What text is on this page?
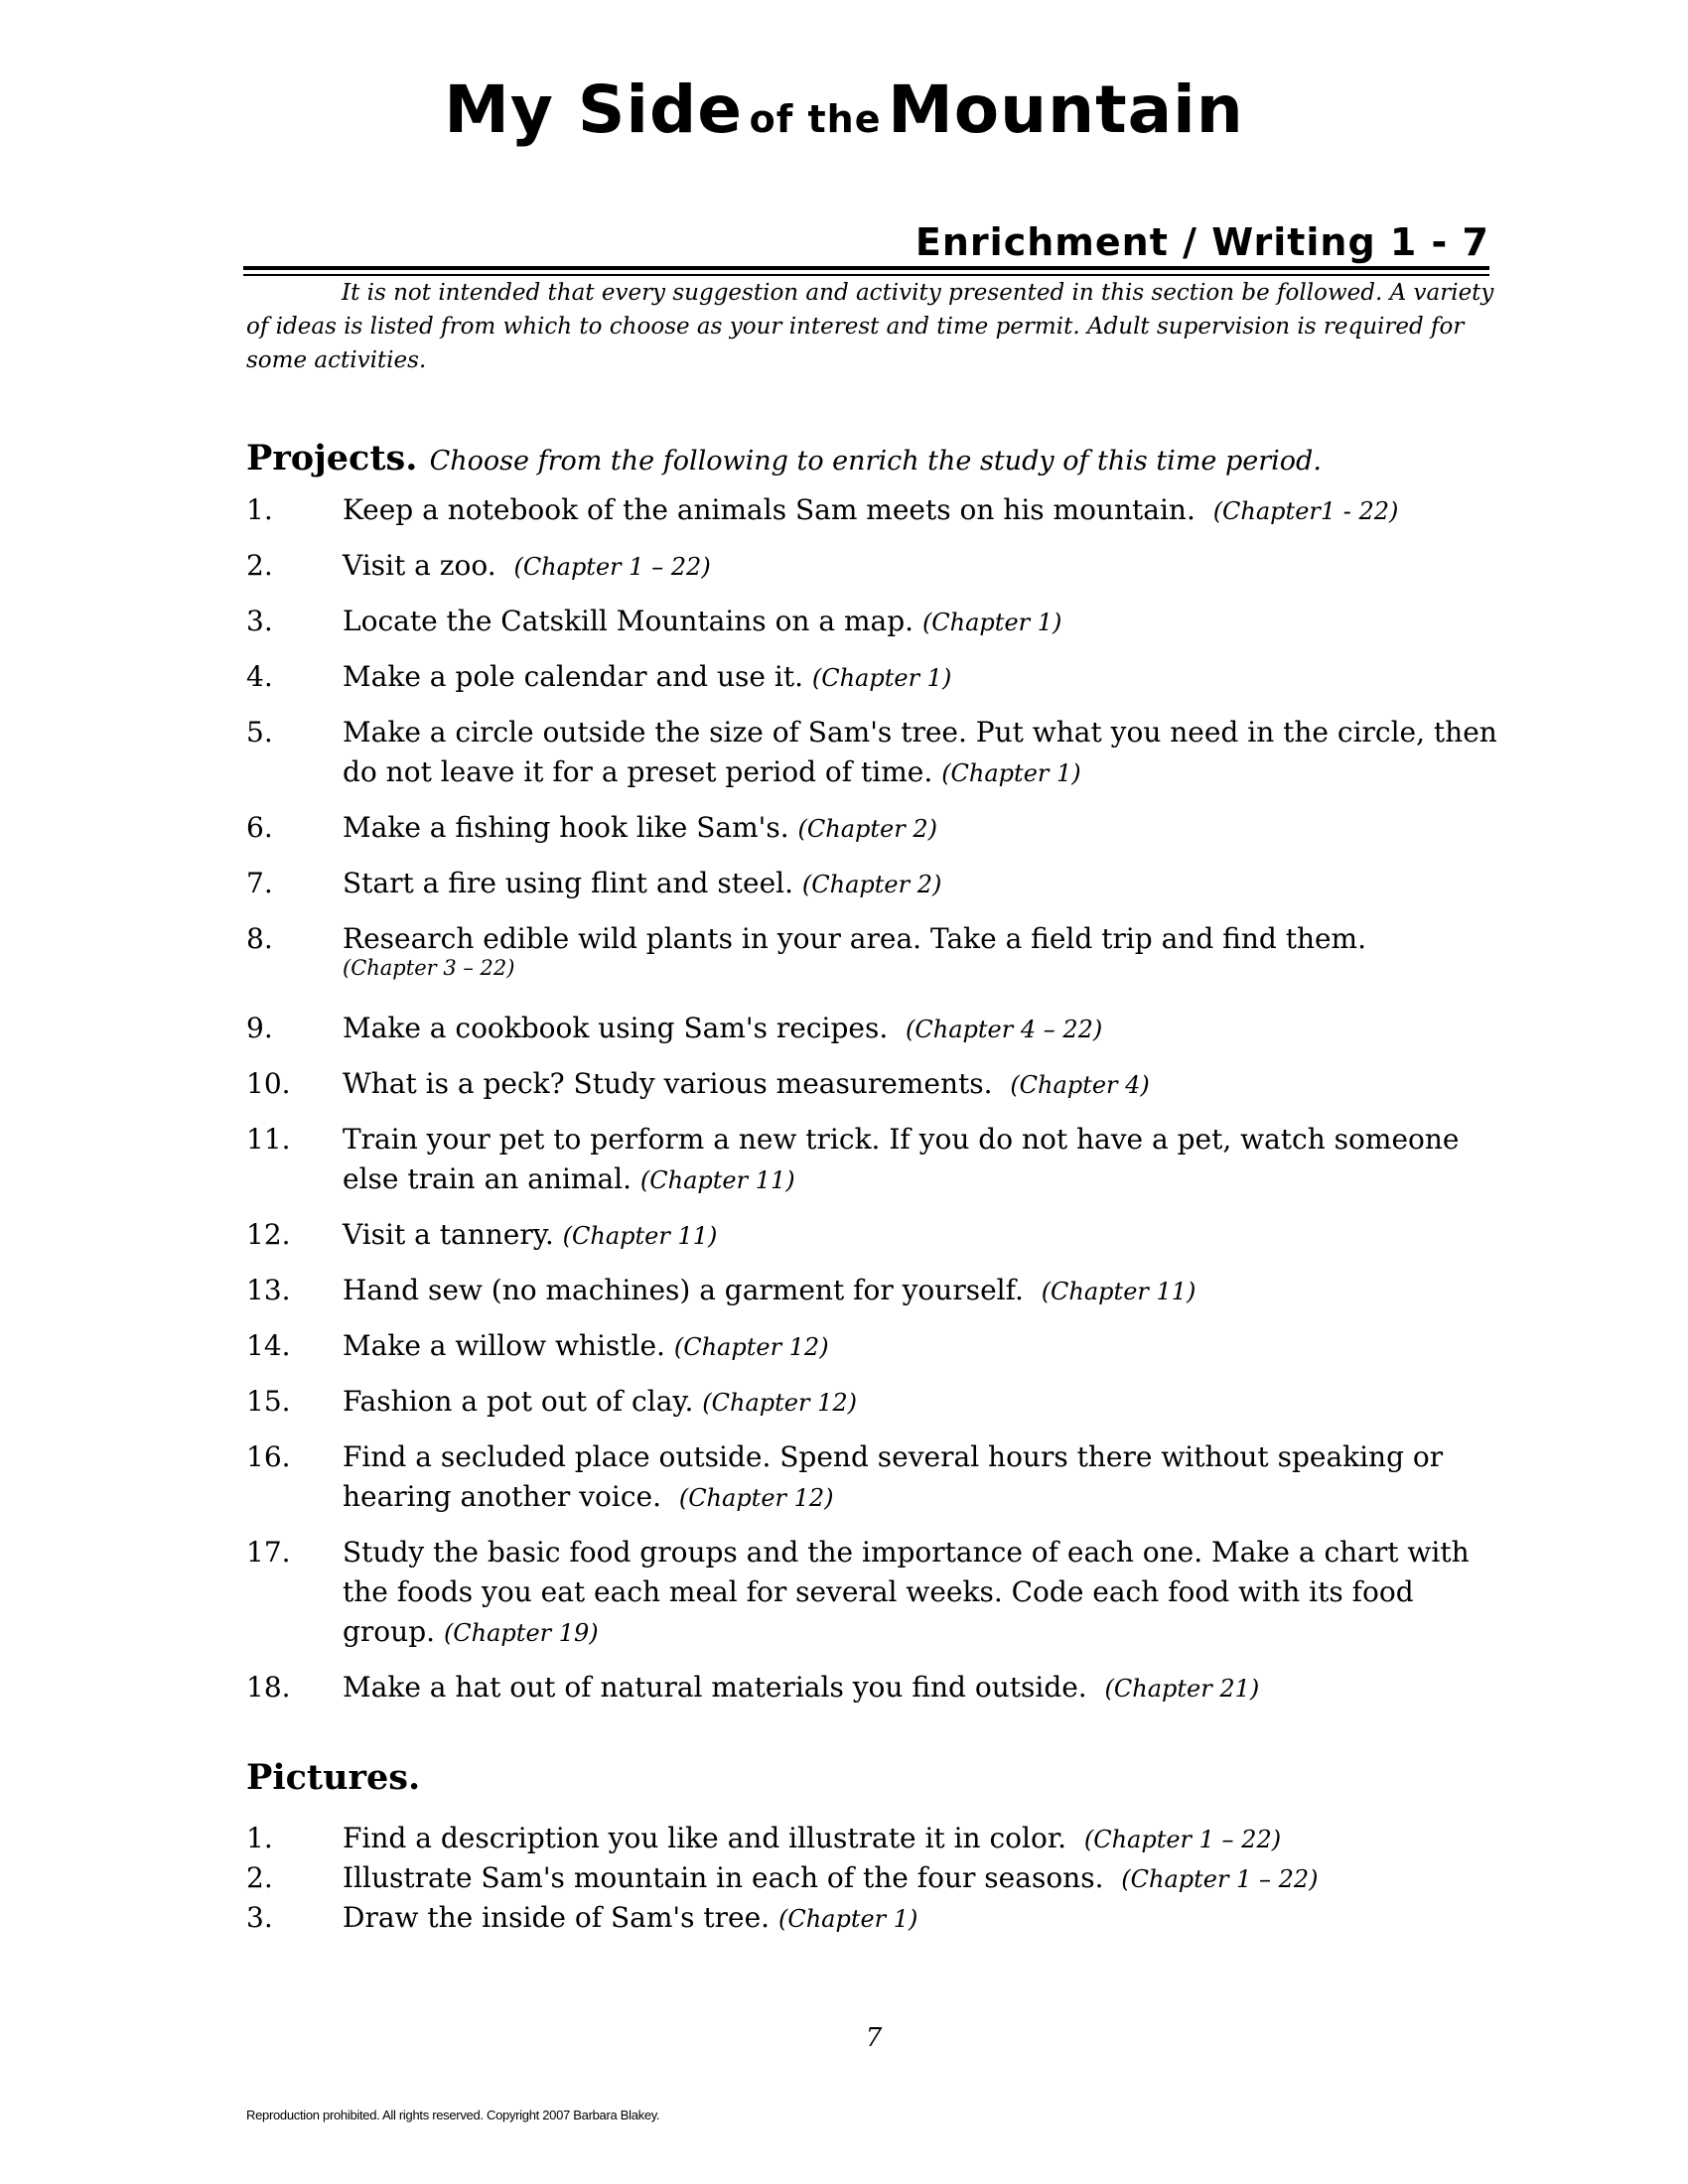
My Side of the Mountain
Enrichment / Writing 1 - 7
It is not intended that every suggestion and activity presented in this section be followed. A variety of ideas is listed from which to choose as your interest and time permit. Adult supervision is required for some activities.
Projects. Choose from the following to enrich the study of this time period.
1.	Keep a notebook of the animals Sam meets on his mountain. (Chapter1 - 22)
2.	Visit a zoo. (Chapter 1 – 22)
3.	Locate the Catskill Mountains on a map. (Chapter 1)
4.	Make a pole calendar and use it. (Chapter 1)
5.	Make a circle outside the size of Sam's tree. Put what you need in the circle, then do not leave it for a preset period of time. (Chapter 1)
6.	Make a fishing hook like Sam's. (Chapter 2)
7.	Start a fire using flint and steel. (Chapter 2)
8.	Research edible wild plants in your area. Take a field trip and find them.
(Chapter 3 – 22)
9.	Make a cookbook using Sam's recipes. (Chapter 4 – 22)
10. What is a peck? Study various measurements. (Chapter 4)
11. Train your pet to perform a new trick. If you do not have a pet, watch someone else train an animal. (Chapter 11)
12. Visit a tannery. (Chapter 11)
13. Hand sew (no machines) a garment for yourself. (Chapter 11)
14. Make a willow whistle. (Chapter 12)
15. Fashion a pot out of clay. (Chapter 12)
16. Find a secluded place outside. Spend several hours there without speaking or hearing another voice. (Chapter 12)
17. Study the basic food groups and the importance of each one. Make a chart with the foods you eat each meal for several weeks. Code each food with its food group. (Chapter 19)
18. Make a hat out of natural materials you find outside. (Chapter 21)
Pictures.
1.	Find a description you like and illustrate it in color. (Chapter 1 – 22)
2.	Illustrate Sam's mountain in each of the four seasons. (Chapter 1 – 22)
3.	Draw the inside of Sam's tree. (Chapter 1)
7
Reproduction prohibited. All rights reserved. Copyright 2007 Barbara Blakey.
